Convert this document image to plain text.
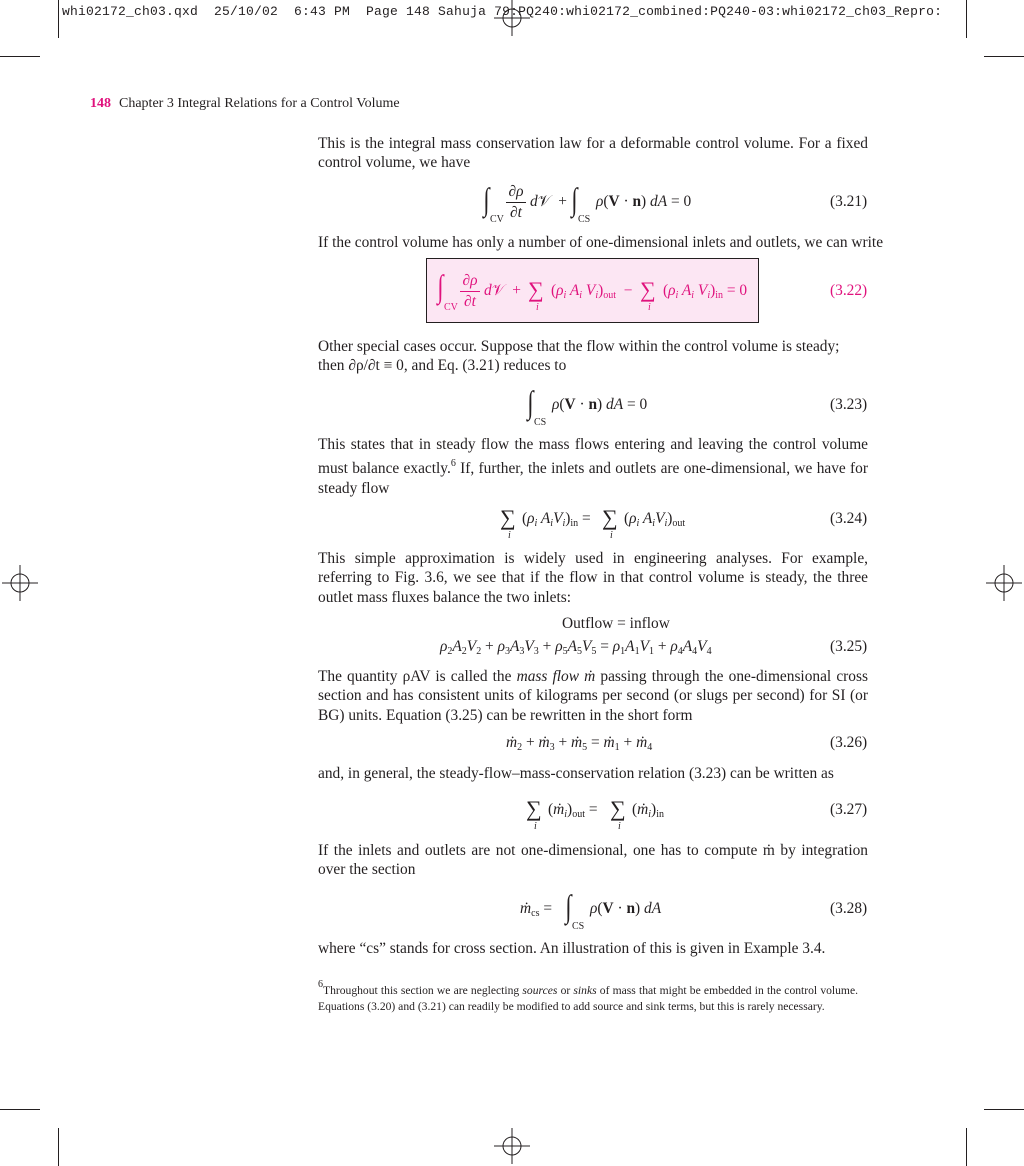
whi02172_ch03.qxd  25/10/02  6:43 PM  Page 148 Sahuja 79:PQ240:whi02172_combined:PQ240-03:whi02172_ch03_Repro:
148 Chapter 3 Integral Relations for a Control Volume
This is the integral mass conservation law for a deformable control volume. For a fixed control volume, we have
∫
CV
∂ρ
∂t
d𝒱  + ∫
CS
ρ(V · n) dA = 0	(3.21)
If the control volume has only a number of one-dimensional inlets and outlets, we can write
∫
CV
∂ρ
∂t
d𝒱  + ∑
i
($\rho_i$ $A_i$ $V_i)_{out}$  − ∑
i
($\rho_i$ $A_i$ $V_i)_{in} = 0$	(3.22)
Other special cases occur. Suppose that the flow within the control volume is steady;
then ∂ρ/∂t ≡ 0, and Eq. (3.21) reduces to
∫
CS
ρ(V · n) dA = 0	(3.23)
This states that in steady flow the mass flows entering and leaving the control volume must balance exactly.$^6$ If, further, the inlets and outlets are one-dimensional, we have for steady flow
∑
i
($\rho_i$ $A_iV_i)_{in}$ = ∑
i
($\rho_i$ $A_iV_i)_{out}$	(3.24)
This simple approximation is widely used in engineering analyses. For example, referring to Fig. 3.6, we see that if the flow in that control volume is steady, the three outlet mass fluxes balance the two inlets:
Outflow = inflow
$\rho_2A_2V_2 + \rho_3A_3V_3 + \rho_5A_5V_5 = \rho_1A_1V_1 + \rho_4A_4V_4$	(3.25)
The quantity ρAV is called the mass flow ṁ passing through the one-dimensional cross section and has consistent units of kilograms per second (or slugs per second) for SI (or BG) units. Equation (3.25) can be rewritten in the short form
ṁ$_2$ + ṁ$_3$ + ṁ$_5$ = ṁ$_1$ + ṁ$_4$	(3.26)
and, in general, the steady-flow–mass-conservation relation (3.23) can be written as
∑
i
$(ṁ_i)_{out}$ = ∑
i
$(ṁ_i)_{in}$	(3.27)
If the inlets and outlets are not one-dimensional, one has to compute ṁ by integration over the section
ṁ$_{cs}$ = ∫
CS
ρ(V · n) dA	(3.28)
where “cs” stands for cross section. An illustration of this is given in Example 3.4.
6Throughout this section we are neglecting sources or sinks of mass that might be embedded in the control volume. Equations (3.20) and (3.21) can readily be modified to add source and sink terms, but this is rarely necessary.
